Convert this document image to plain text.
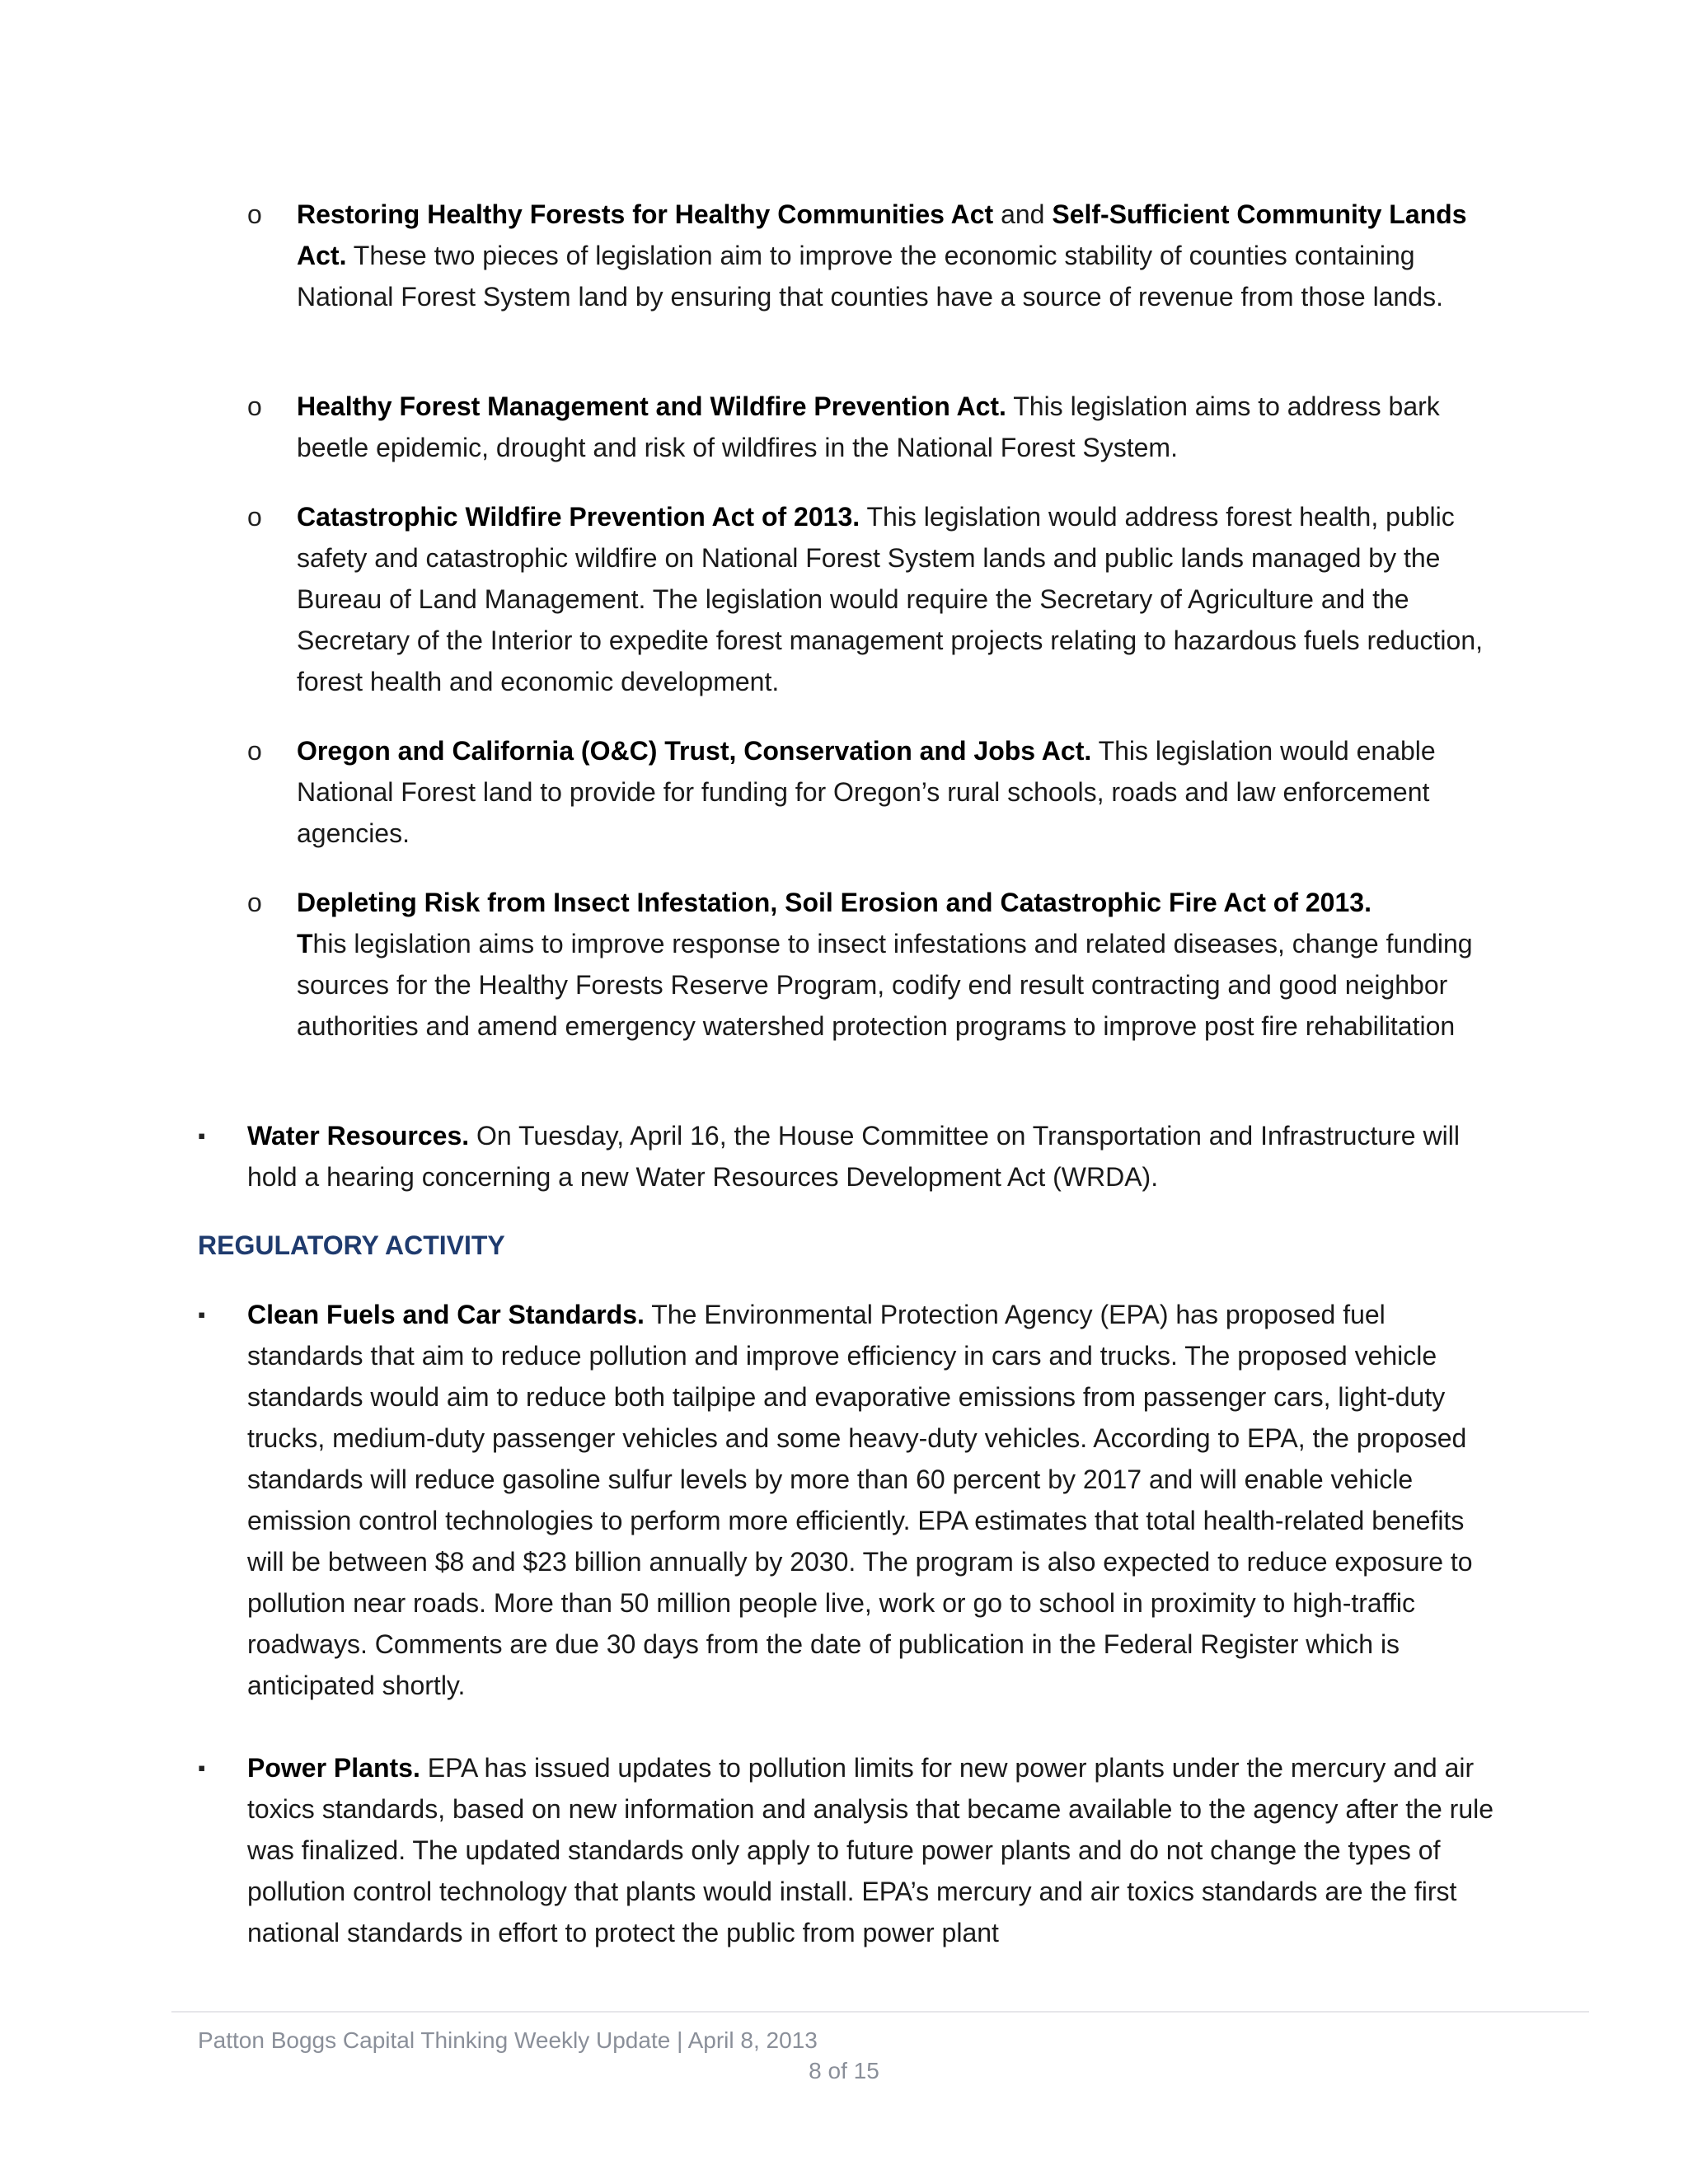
o	Restoring Healthy Forests for Healthy Communities Act and Self-Sufficient Community Lands Act. These two pieces of legislation aim to improve the economic stability of counties containing National Forest System land by ensuring that counties have a source of revenue from those lands.
o	Healthy Forest Management and Wildfire Prevention Act. This legislation aims to address bark beetle epidemic, drought and risk of wildfires in the National Forest System.
o	Catastrophic Wildfire Prevention Act of 2013. This legislation would address forest health, public safety and catastrophic wildfire on National Forest System lands and public lands managed by the Bureau of Land Management. The legislation would require the Secretary of Agriculture and the Secretary of the Interior to expedite forest management projects relating to hazardous fuels reduction, forest health and economic development.
o	Oregon and California (O&C) Trust, Conservation and Jobs Act. This legislation would enable National Forest land to provide for funding for Oregon’s rural schools, roads and law enforcement agencies.
o	Depleting Risk from Insect Infestation, Soil Erosion and Catastrophic Fire Act of 2013.
This legislation aims to improve response to insect infestations and related diseases, change funding sources for the Healthy Forests Reserve Program, codify end result contracting and good neighbor authorities and amend emergency watershed protection programs to improve post fire rehabilitation
▪	Water Resources. On Tuesday, April 16, the House Committee on Transportation and Infrastructure will hold a hearing concerning a new Water Resources Development Act (WRDA).
REGULATORY ACTIVITY
▪	Clean Fuels and Car Standards. The Environmental Protection Agency (EPA) has proposed fuel standards that aim to reduce pollution and improve efficiency in cars and trucks. The proposed vehicle standards would aim to reduce both tailpipe and evaporative emissions from passenger cars, light-duty trucks, medium-duty passenger vehicles and some heavy-duty vehicles. According to EPA, the proposed standards will reduce gasoline sulfur levels by more than 60 percent by 2017 and will enable vehicle emission control technologies to perform more efficiently. EPA estimates that total health-related benefits will be between $8 and $23 billion annually by 2030. The program is also expected to reduce exposure to pollution near roads. More than 50 million people live, work or go to school in proximity to high-traffic roadways. Comments are due 30 days from the date of publication in the Federal Register which is anticipated shortly.
▪	Power Plants. EPA has issued updates to pollution limits for new power plants under the mercury and air toxics standards, based on new information and analysis that became available to the agency after the rule was finalized. The updated standards only apply to future power plants and do not change the types of pollution control technology that plants would install. EPA’s mercury and air toxics standards are the first national standards in effort to protect the public from power plant
Patton Boggs Capital Thinking Weekly Update | April 8, 2013
8 of 15
